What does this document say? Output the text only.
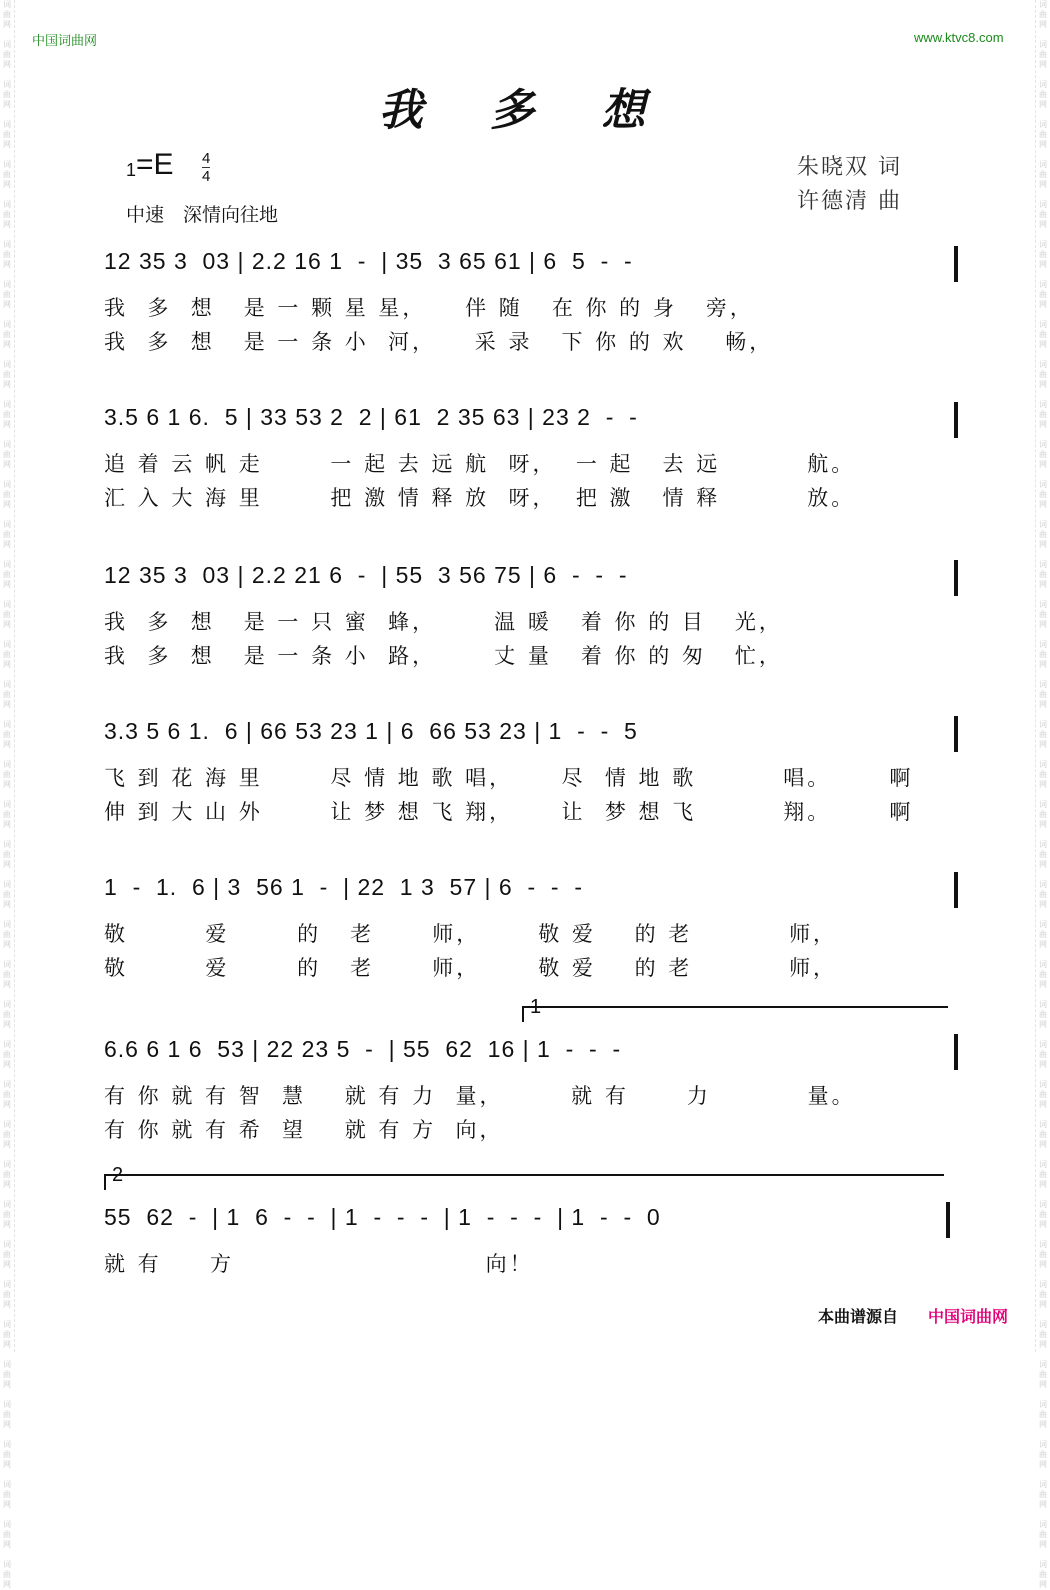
词
曲
网

词
曲
网

词
曲
网

词
曲
网

词
曲
网

词
曲
网

词
曲
网

词
曲
网

词
曲
网

词
曲
网

词
曲
网

词
曲
网

词
曲
网

词
曲
网

词
曲
网

词
曲
网

词
曲
网

词
曲
网

词
曲
网

词
曲
网

词
曲
网

词
曲
网

词
曲
网

词
曲
网

词
曲
网

词
曲
网

词
曲
网

词
曲
网

词
曲
网

词
曲
网

词
曲
网

词
曲
网

词
曲
网

词
曲
网

词
曲
网

词
曲
网

词
曲
网

词
曲
网

词
曲
网

词
曲
网
词
曲
网

词
曲
网

词
曲
网

词
曲
网

词
曲
网

词
曲
网

词
曲
网

词
曲
网

词
曲
网

词
曲
网

词
曲
网

词
曲
网

词
曲
网

词
曲
网

词
曲
网

词
曲
网

词
曲
网

词
曲
网

词
曲
网

词
曲
网

词
曲
网

词
曲
网

词
曲
网

词
曲
网

词
曲
网

词
曲
网

词
曲
网

词
曲
网

词
曲
网

词
曲
网

词
曲
网

词
曲
网

词
曲
网

词
曲
网

词
曲
网

词
曲
网

词
曲
网

词
曲
网

词
曲
网

词
曲
网
中国词曲网	www.ktvc8.com
我 多 想
1=E 4
4
中速　深情向往地
朱晓双 词
许德清 曲
12 35 3  03 | 2.2 16 1  -  | 35  3 65 61 | 6  5  -  -
我  多  想   是 一 颗 星 星，    伴 随   在 你 的 身   旁，
我  多  想   是 一 条 小  河，    采 录   下 你 的 欢    畅，
3.5 6 1 6.  5 | 33 53 2  2 | 61  2 35 63 | 23 2  -  -
追 着 云 帆 走       一 起 去 远 航  呀，  一 起   去 远         航。
汇 入 大 海 里       把 激 情 释 放  呀，  把 激   情 释         放。
12 35 3  03 | 2.2 21 6  -  | 55  3 56 75 | 6  -  -  -
我  多  想   是 一 只 蜜  蜂，      温 暖   着 你 的 目   光，
我  多  想   是 一 条 小  路，      丈 量   着 你 的 匆   忙，
3.3 5 6 1.  6 | 66 53 23 1 | 6  66 53 23 | 1  -  -  5
飞 到 花 海 里       尽 情 地 歌 唱，     尽  情 地 歌         唱。      啊
伸 到 大 山 外       让 梦 想 飞 翔，     让  梦 想 飞         翔。      啊
1  -  1.  6 | 3  56 1  -  | 22  1 3  57 | 6  -  -  -
敬        爱       的   老      师，      敬 爱    的 老          师，
敬        爱       的   老      师，      敬 爱    的 老          师，
1
6.6 6 1 6  53 | 22 23 5  -  | 55  62  16 | 1  -  -  -
有 你 就 有 智  慧    就 有 力  量，       就 有      力          量。
有 你 就 有 希  望    就 有 方  向，
2
55  62  -  | 1  6  -  -  | 1  -  -  -  | 1  -  -  -  | 1  -  -  0
就 有     方                          向！
本曲谱源自 中国词曲网
